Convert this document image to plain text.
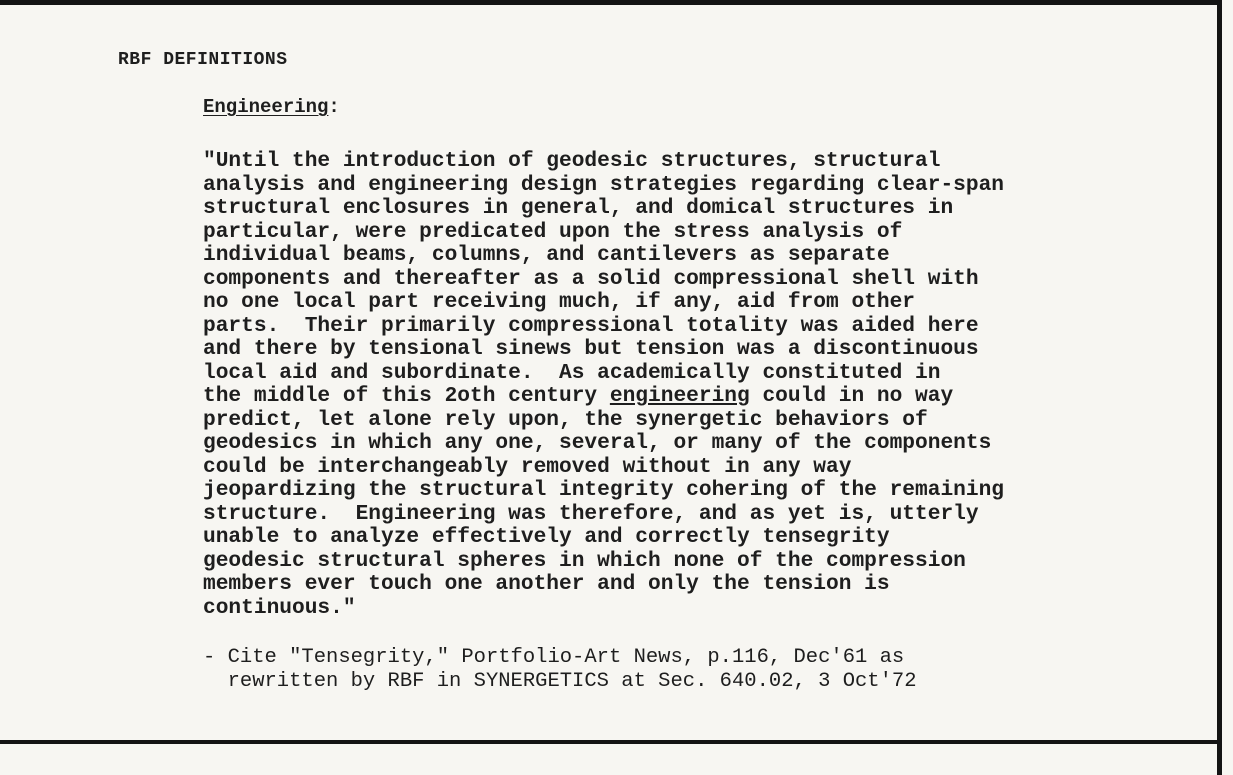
RBF DEFINITIONS
Engineering:
"Until the introduction of geodesic structures, structural
analysis and engineering design strategies regarding clear-span
structural enclosures in general, and domical structures in
particular, were predicated upon the stress analysis of
individual beams, columns, and cantilevers as separate
components and thereafter as a solid compressional shell with
no one local part receiving much, if any, aid from other
parts.  Their primarily compressional totality was aided here
and there by tensional sinews but tension was a discontinuous
local aid and subordinate.  As academically constituted in
the middle of this 2oth century engineering could in no way
predict, let alone rely upon, the synergetic behaviors of
geodesics in which any one, several, or many of the components
could be interchangeably removed without in any way
jeopardizing the structural integrity cohering of the remaining
structure.  Engineering was therefore, and as yet is, utterly
unable to analyze effectively and correctly tensegrity
geodesic structural spheres in which none of the compression
members ever touch one another and only the tension is
continuous."
- Cite "Tensegrity," Portfolio-Art News, p.116, Dec'61 as
rewritten by RBF in SYNERGETICS at Sec. 640.02, 3 Oct'72
